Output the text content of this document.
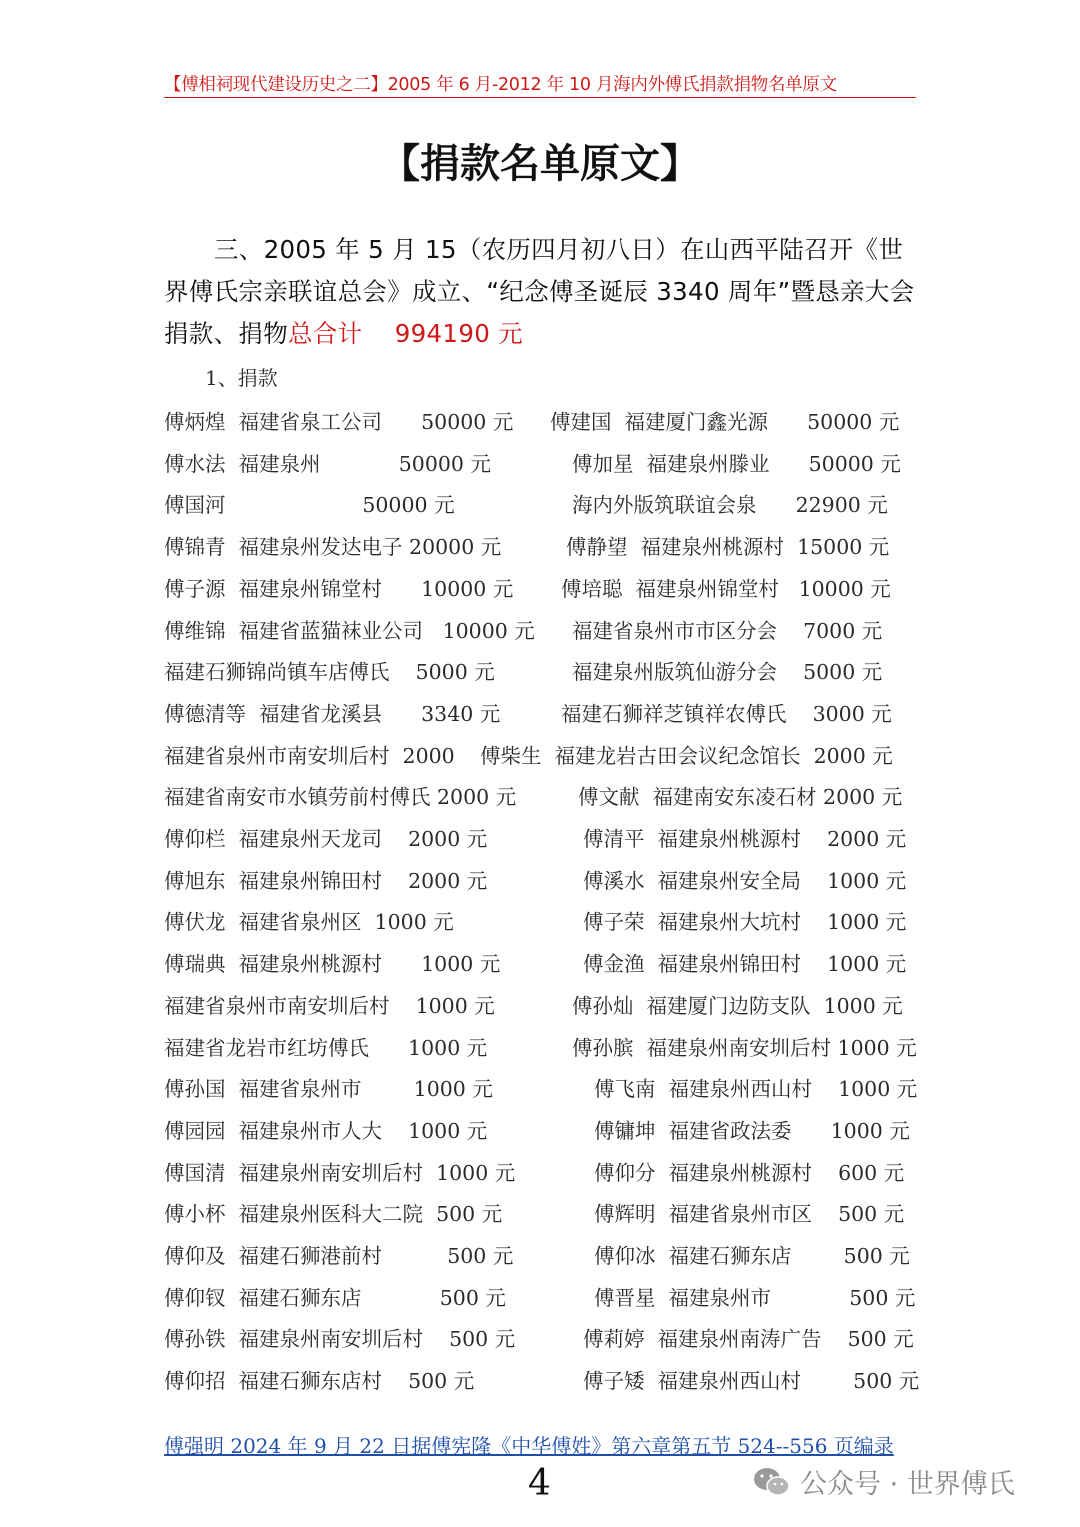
【傅相祠现代建设历史之二】2005 年 6 月-2012 年 10 月海内外傅氏捐款捐物名单原文
【捐款名单原文】
三、2005 年 5 月 15（农历四月初八日）在山西平陆召开《世界傅氏宗亲联谊总会》成立、“纪念傅圣诞辰 3340 周年”暨恳亲大会捐款、捐物总合计 994190 元
1、捐款
傅炳煌  福建省泉工公司      50000 元 傅建国  福建厦门鑫光源      50000 元
傅水法  福建泉州            50000 元	傅加星  福建泉州滕业      50000 元
傅国河                     50000 元	海内外版筑联谊会泉      22900 元
傅锦青  福建泉州发达电子 20000 元	傅静望  福建泉州桃源村  15000 元
傅子源  福建泉州锦堂村      10000 元 傅培聪  福建泉州锦堂村   10000 元
傅维锦  福建省蓝猫袜业公司   10000 元 福建省泉州市市区分会    7000 元
福建石狮锦尚镇车店傅氏    5000 元	福建泉州版筑仙游分会    5000 元
傅德清等  福建省龙溪县      3340 元	福建石狮祥芝镇祥农傅氏    3000 元
福建省泉州市南安圳后村  2000 傅柴生  福建龙岩古田会议纪念馆长  2000 元
福建省南安市水镇劳前村傅氏 2000 元	傅文献  福建南安东凌石材 2000 元
傅仰栏  福建泉州天龙司    2000 元	傅清平  福建泉州桃源村    2000 元
傅旭东  福建泉州锦田村    2000 元	傅溪水  福建泉州安全局    1000 元
傅伏龙  福建省泉州区  1000 元	傅子荣  福建泉州大坑村    1000 元
傅瑞典  福建泉州桃源村      1000 元	傅金渔  福建泉州锦田村    1000 元
福建省泉州市南安圳后村    1000 元	傅孙灿  福建厦门边防支队  1000 元
福建省龙岩市红坊傅氏      1000 元	傅孙膑  福建泉州南安圳后村 1000 元
傅孙国  福建省泉州市        1000 元	傅飞南  福建泉州西山村    1000 元
傅园园  福建泉州市人大    1000 元	傅镛坤  福建省政法委      1000 元
傅国清  福建泉州南安圳后村  1000 元	傅仰分  福建泉州桃源村    600 元
傅小杯  福建泉州医科大二院  500 元	傅辉明  福建省泉州市区    500 元
傅仰及  福建石狮港前村          500 元	傅仰冰  福建石狮东店        500 元
傅仰钗  福建石狮东店            500 元	傅晋星  福建泉州市            500 元
傅孙铁  福建泉州南安圳后村    500 元	傅莉婷  福建泉州南涛广告    500 元
傅仰招  福建石狮东店村    500 元	傅子矮  福建泉州西山村        500 元
傅强明 2024 年 9 月 22 日据傅宪隆《中华傅姓》第六章第五节 524--556 页编录
4	公众号 · 世界傅氏
